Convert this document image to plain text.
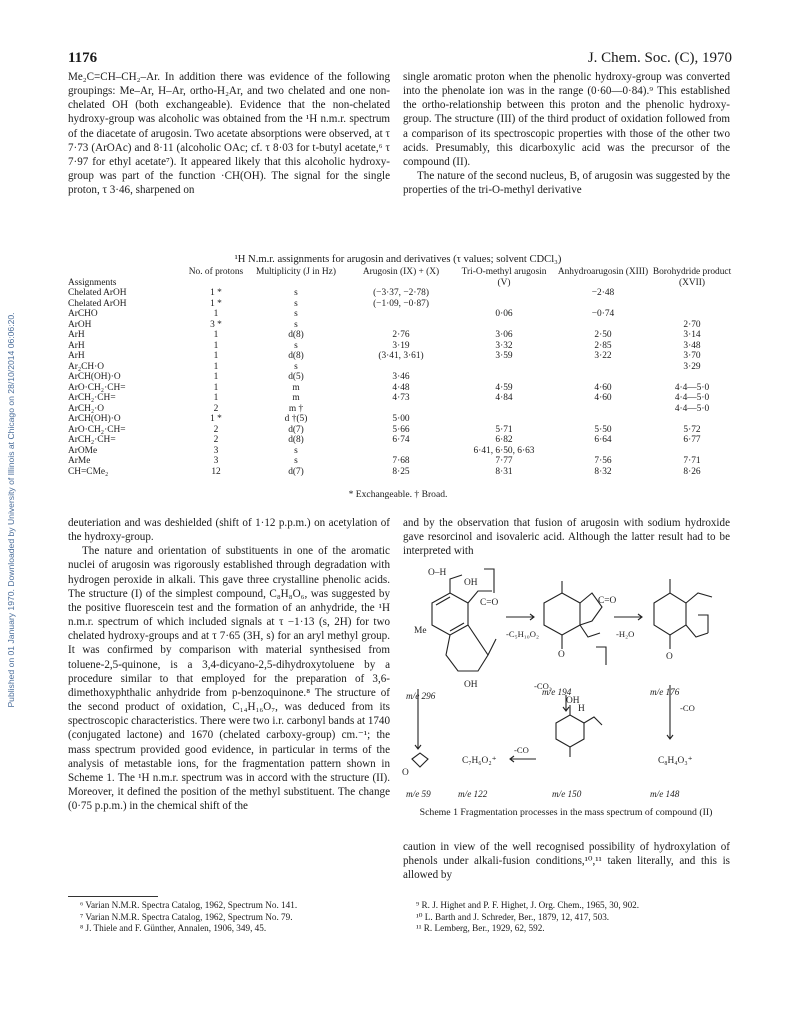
Published on 01 January 1970. Downloaded by University of Illinois at Chicago on 28/10/2014 06:06:20.
1176	J. Chem. Soc. (C), 1970

Me₂C=CH–CH₂–Ar. In addition there was evidence of the following groupings: Me–Ar, H–Ar, ortho-H₂Ar, and two chelated and one non-chelated OH (both exchangeable). Evidence that the non-chelated hydroxy-group was alcoholic was obtained from the ¹H n.m.r. spectrum of the diacetate of arugosin. Two acetate absorptions were observed, at τ 7·73 (ArOAc) and 8·11 (alcoholic OAc; cf. τ 8·03 for t-butyl acetate,⁶ τ 7·97 for ethyl acetate⁷). It appeared likely that this alcoholic hydroxy-group was part of the function ·CH(OH). The signal for the single proton, τ 3·46, sharpened on

single aromatic proton when the phenolic hydroxy-group was converted into the phenolate ion was in the range (0·60—0·84).⁹ This established the ortho-relationship between this proton and the phenolic hydroxy-group. The structure (III) of the third product of oxidation followed from a comparison of its spectroscopic properties with those of the other two acids. Presumably, this dicarboxylic acid was the precursor of the compound (II).

The nature of the second nucleus, B, of arugosin was suggested by the properties of the tri-O-methyl derivative

¹H N.m.r. assignments for arugosin and derivatives (τ values; solvent CDCl₃)
Assignments	No. of protons	Multiplicity (J in Hz)	Arugosin (IX) + (X)	Tri-O-methyl arugosin (V)	Anhydroarugosin (XIII)	Borohydride product (XVII)
Chelated ArOH	1 *	s	(−3·37, −2·78)		−2·48	
Chelated ArOH	1 *	s	(−1·09, −0·87)			
ArCHO	1	s		0·06	−0·74	
ArOH	3 *	s				2·70
ArH	1	d(8)	2·76	3·06	2·50	3·14
ArH	1	s	3·19	3·32	2·85	3·48
ArH	1	d(8)	(3·41, 3·61)	3·59	3·22	3·70
Ar₂CH·O	1	s				3·29
ArCH(OH)·O	1	d(5)	3·46			
ArO·CH₂·CH=	1	m	4·48	4·59	4·60	4·4—5·0
ArCH₂·CH=	1	m	4·73	4·84	4·60	4·4—5·0
ArCH₂·O	2	m †				4·4—5·0
ArCH(OH)·O	1 *	d †(5)	5·00			
ArO·CH₂·CH=	2	d(7)	5·66	5·71	5·50	5·72
ArCH₂·CH=	2	d(8)	6·74	6·82	6·64	6·77
ArOMe	3	s		6·41, 6·50, 6·63		
ArMe	3	s	7·68	7·77	7·56	7·71
CH=CMe₂	12	d(7)	8·25	8·31	8·32	8·26
* Exchangeable. † Broad.

deuteriation and was deshielded (shift of 1·12 p.p.m.) on acetylation of the hydroxy-group.

The nature and orientation of substituents in one of the aromatic nuclei of arugosin was rigorously established through degradation with hydrogen peroxide in alkali. This gave three crystalline phenolic acids. The structure (I) of the simplest compound, C₈H₈O₆, was suggested by the positive fluorescein test and the formation of an anhydride, the ¹H n.m.r. spectrum of which included signals at τ −1·13 (s, 2H) for two chelated hydroxy-groups and at τ 7·65 (3H, s) for an aryl methyl group. It was confirmed by comparison with material synthesised from toluene-2,5-quinone, is a 3,4-dicyano-2,5-dihydroxytoluene by a procedure similar to that employed for the preparation of 3,6-dimethoxyphthalic anhydride from p-benzoquinone.⁸ The structure of the second product of oxidation, C₁₄H₁₆O₇, was deduced from its spectroscopic characteristics. There were two i.r. carbonyl bands at 1740 (conjugated lactone) and 1670 (chelated carboxy-group) cm.⁻¹; the mass spectrum provided good evidence, in particular in terms of the analysis of metastable ions, for the fragmentation pattern shown in Scheme 1. The ¹H n.m.r. spectrum was in accord with the structure (II). Moreover, it defined the position of the methyl substituent. The change (0·75 p.p.m.) in the chemical shift of the

and by the observation that fusion of arugosin with sodium hydroxide gave resorcinol and isovaleric acid. Although the latter result had to be interpreted with

O–H
OH
C=O
OH
Me
C=O
O
H
OH
O
O
-C₅H₁₀O₂	-H₂O
-CO₂
-CO
-CO
C₇H₆O₂⁺	C₈H₄O₃⁺
m/e 296	m/e 194	m/e 176
m/e 59	m/e 122	m/e 150	m/e 148
Scheme 1 Fragmentation processes in the mass spectrum of compound (II)

caution in view of the well recognised possibility of hydroxylation of phenols under alkali-fusion conditions,¹⁰,¹¹ taken literally, and this is allowed by

⁶ Varian N.M.R. Spectra Catalog, 1962, Spectrum No. 141.
⁷ Varian N.M.R. Spectra Catalog, 1962, Spectrum No. 79.
⁸ J. Thiele and F. Günther, Annalen, 1906, 349, 45.
⁹ R. J. Highet and P. F. Highet, J. Org. Chem., 1965, 30, 902.
¹⁰ L. Barth and J. Schreder, Ber., 1879, 12, 417, 503.
¹¹ R. Lemberg, Ber., 1929, 62, 592.
